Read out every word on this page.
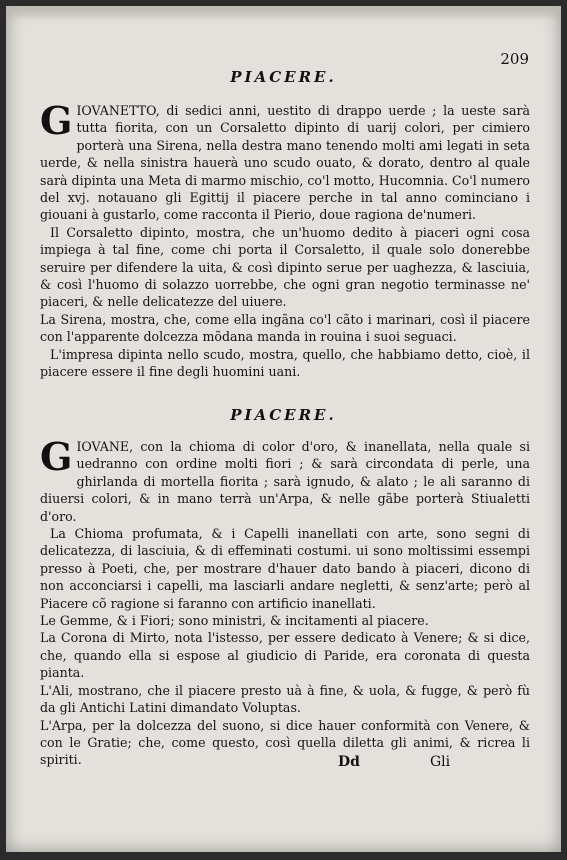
209
PIACERE.

GIOVANETTO, di sedici anni, uestito di drappo uerde ; la ueste sarà tutta fiorita, con un Corsaletto dipinto di uarij colori, per cimiero porterà una Sirena, nella destra mano tenendo molti ami legati in seta uerde, & nella sinistra hauerà uno scudo ouato, & dorato, dentro al quale sarà dipinta una Meta di marmo mischio, co'l motto, Hucomnia. Co'l numero del xvj. notauano gli Egittij il piacere perche in tal anno cominciano i giouani à gustarlo, come racconta il Pierio, doue ragiona de'numeri.

Il Corsaletto dipinto, mostra, che un'huomo dedito à piaceri ogni cosa impiega à tal fine, come chi porta il Corsaletto, il quale solo donerebbe seruire per difendere la uita, & così dipinto serue per uaghezza, & lasciuia, & così l'huomo di solazzo uorrebbe, che ogni gran negotio terminasse ne' piaceri, & nelle delicatezze del uiuere.

La Sirena, mostra, che, come ella ingãna co'l cãto i marinari, così il piacere con l'apparente dolcezza mõdana manda in rouina i suoi seguaci.

L'impresa dipinta nello scudo, mostra, quello, che habbiamo detto, cioè, il piacere essere il fine degli huomini uani.

PIACERE.

GIOVANE, con la chioma di color d'oro, & inanellata, nella quale si uedranno con ordine molti fiori ; & sarà circondata di perle, una ghirlanda di mortella fiorita ; sarà ignudo, & alato ; le ali saranno di diuersi colori, & in mano terrà un'Arpa, & nelle gãbe porterà Stiualetti d'oro.

La Chioma profumata, & i Capelli inanellati con arte, sono segni di delicatezza, di lasciuia, & di effeminati costumi. ui sono moltissimi essempi presso à Poeti, che, per mostrare d'hauer dato bando à piaceri, dicono di non acconciarsi i capelli, ma lasciarli andare negletti, & senz'arte; però al Piacere cõ ragione si faranno con artificio inanellati.

Le Gemme, & i Fiori; sono ministri, & incitamenti al piacere.

La Corona di Mirto, nota l'istesso, per essere dedicato à Venere; & si dice, che, quando ella si espose al giudicio di Paride, era coronata di questa pianta.

L'Ali, mostrano, che il piacere presto uà à fine, & uola, & fugge, & però fù da gli Antichi Latini dimandato Voluptas.

L'Arpa, per la dolcezza del suono, si dice hauer conformità con Venere, & con le Gratie; che, come questo, così quella diletta gli animi, & ricrea li spiriti.	Dd	Gli
